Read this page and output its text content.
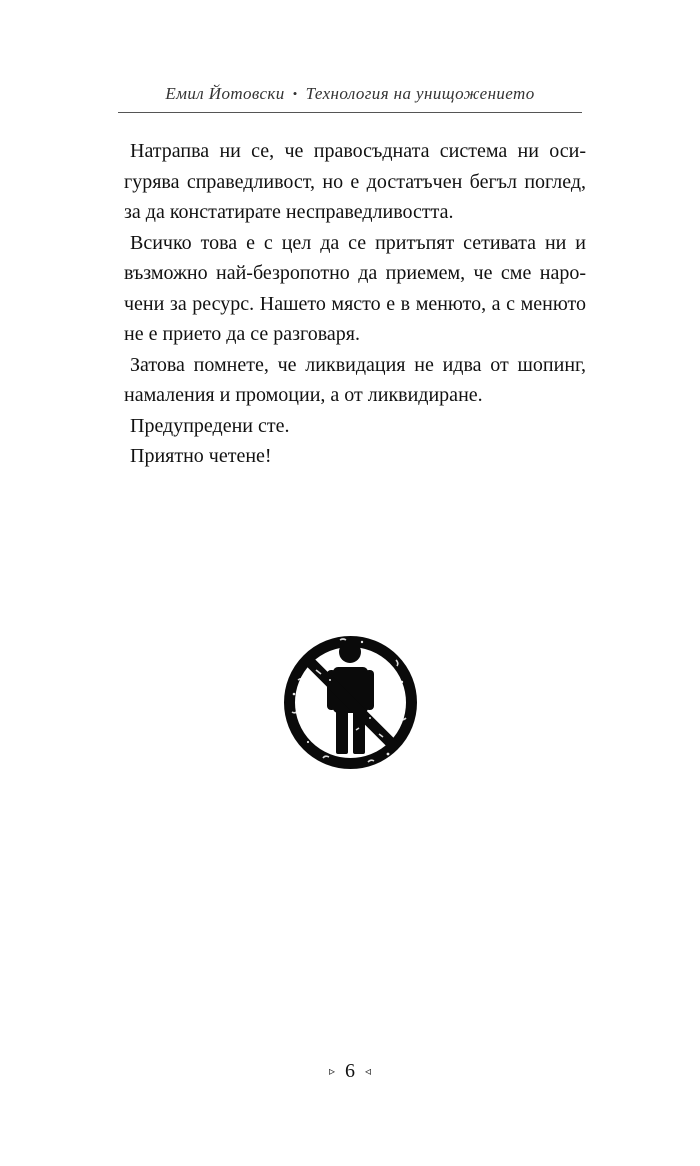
Емил Йотовски • Технология на унищожението

Натрапва ни се, че правосъдната система ни оси-
гурява справедливост, но е достатъчен бегъл поглед,
за да констатирате несправедливостта.

Всичко това е с цел да се притъпят сетивата ни и
възможно най-безропотно да приемем, че сме наро-
чени за ресурс. Нашето място е в менюто, а с менюто
не е прието да се разговаря.

Затова помнете, че ликвидация не идва от шопинг,
намаления и промоции, а от ликвидиране.

Предупредени сте.

Приятно четене!

▹ 6 ◃
